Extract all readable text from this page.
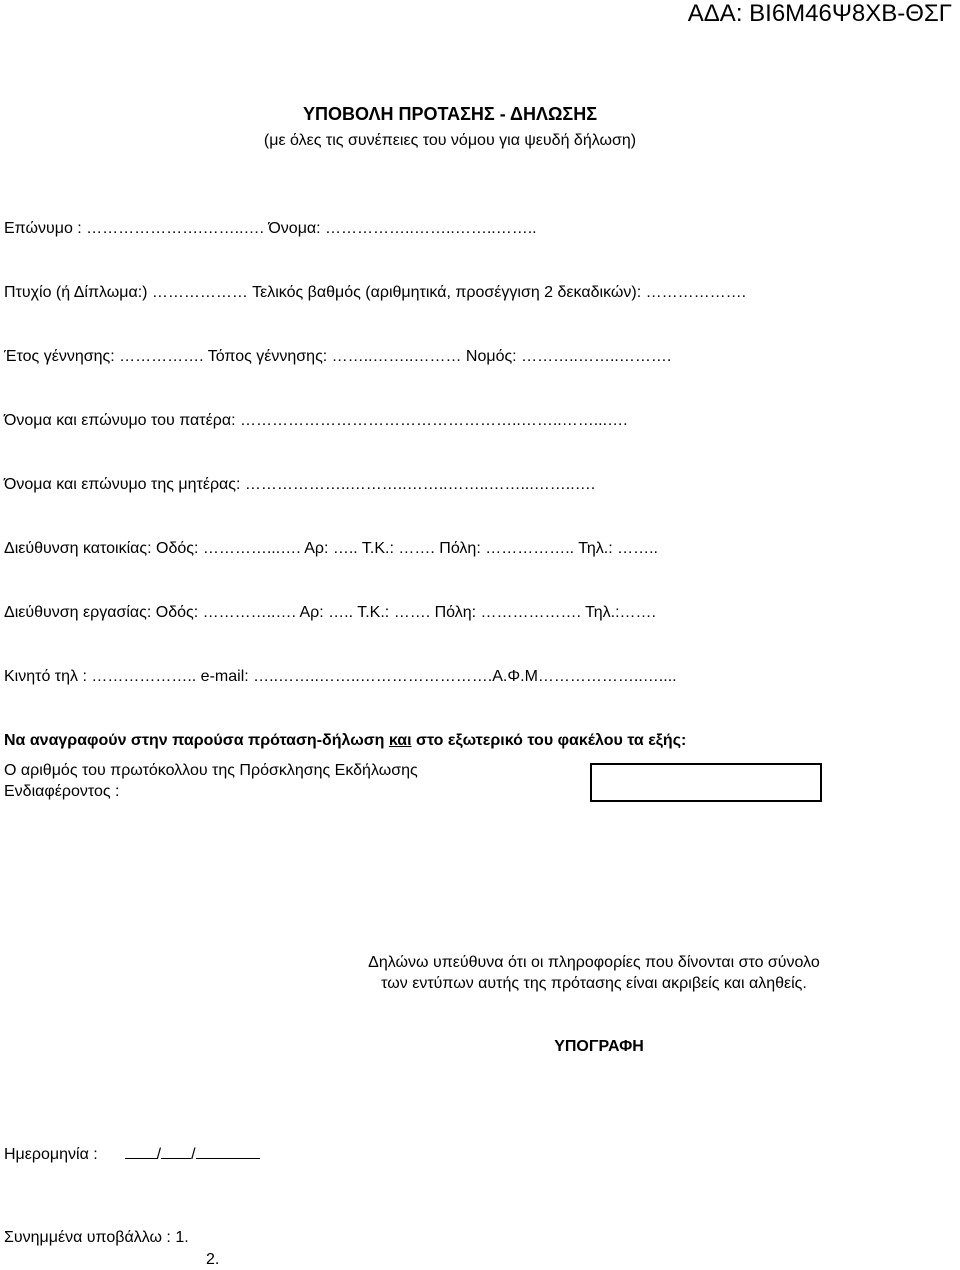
ΑΔΑ: ΒΙ6Μ46Ψ8ΧΒ-ΘΣΓ
ΥΠΟΒΟΛΗ ΠΡΟΤΑΣΗΣ - ΔΗΛΩΣΗΣ
(με όλες τις συνέπειες του νόμου για ψευδή δήλωση)
Επώνυμο : ………………….……..…. Όνομα: ……………..……..……..……..
Πτυχίο (ή Δίπλωμα:) ……………… Τελικός βαθμός (αριθμητικά, προσέγγιση 2 δεκαδικών): ……………….
Έτος γέννησης: ……………. Τόπος γέννησης: ……..……..……… Νομός: ………..……..……….
Όνομα και επώνυμο του πατέρα: ……………………………………………..……..……...….
Όνομα και επώνυμο της μητέρας: ………………..………..……..……..……...……..….
Διεύθυνση κατοικίας: Οδός: …………...…. Αρ: ….. Τ.Κ.: ……. Πόλη: …………….. Τηλ.: ……..
Διεύθυνση εργασίας: Οδός: …………..…. Αρ: ….. Τ.Κ.: ……. Πόλη: ………………. Τηλ.:…….
Κινητό τηλ : ……………….. e-mail: …..……..……..…………………….Α.Φ.Μ………………..…....
Να αναγραφούν στην παρούσα πρόταση-δήλωση και στο εξωτερικό του φακέλου τα εξής:
Ο αριθμός του πρωτόκολλου της Πρόσκλησης Εκδήλωσης
Ενδιαφέροντος :
Δηλώνω υπεύθυνα ότι οι πληροφορίες που δίνονται στο σύνολο
των εντύπων αυτής της πρότασης είναι ακριβείς και αληθείς.
ΥΠΟΓΡΑΦΗ
Ημερομηνία :	/ /
Συνημμένα υποβάλλω : 1.
2.
